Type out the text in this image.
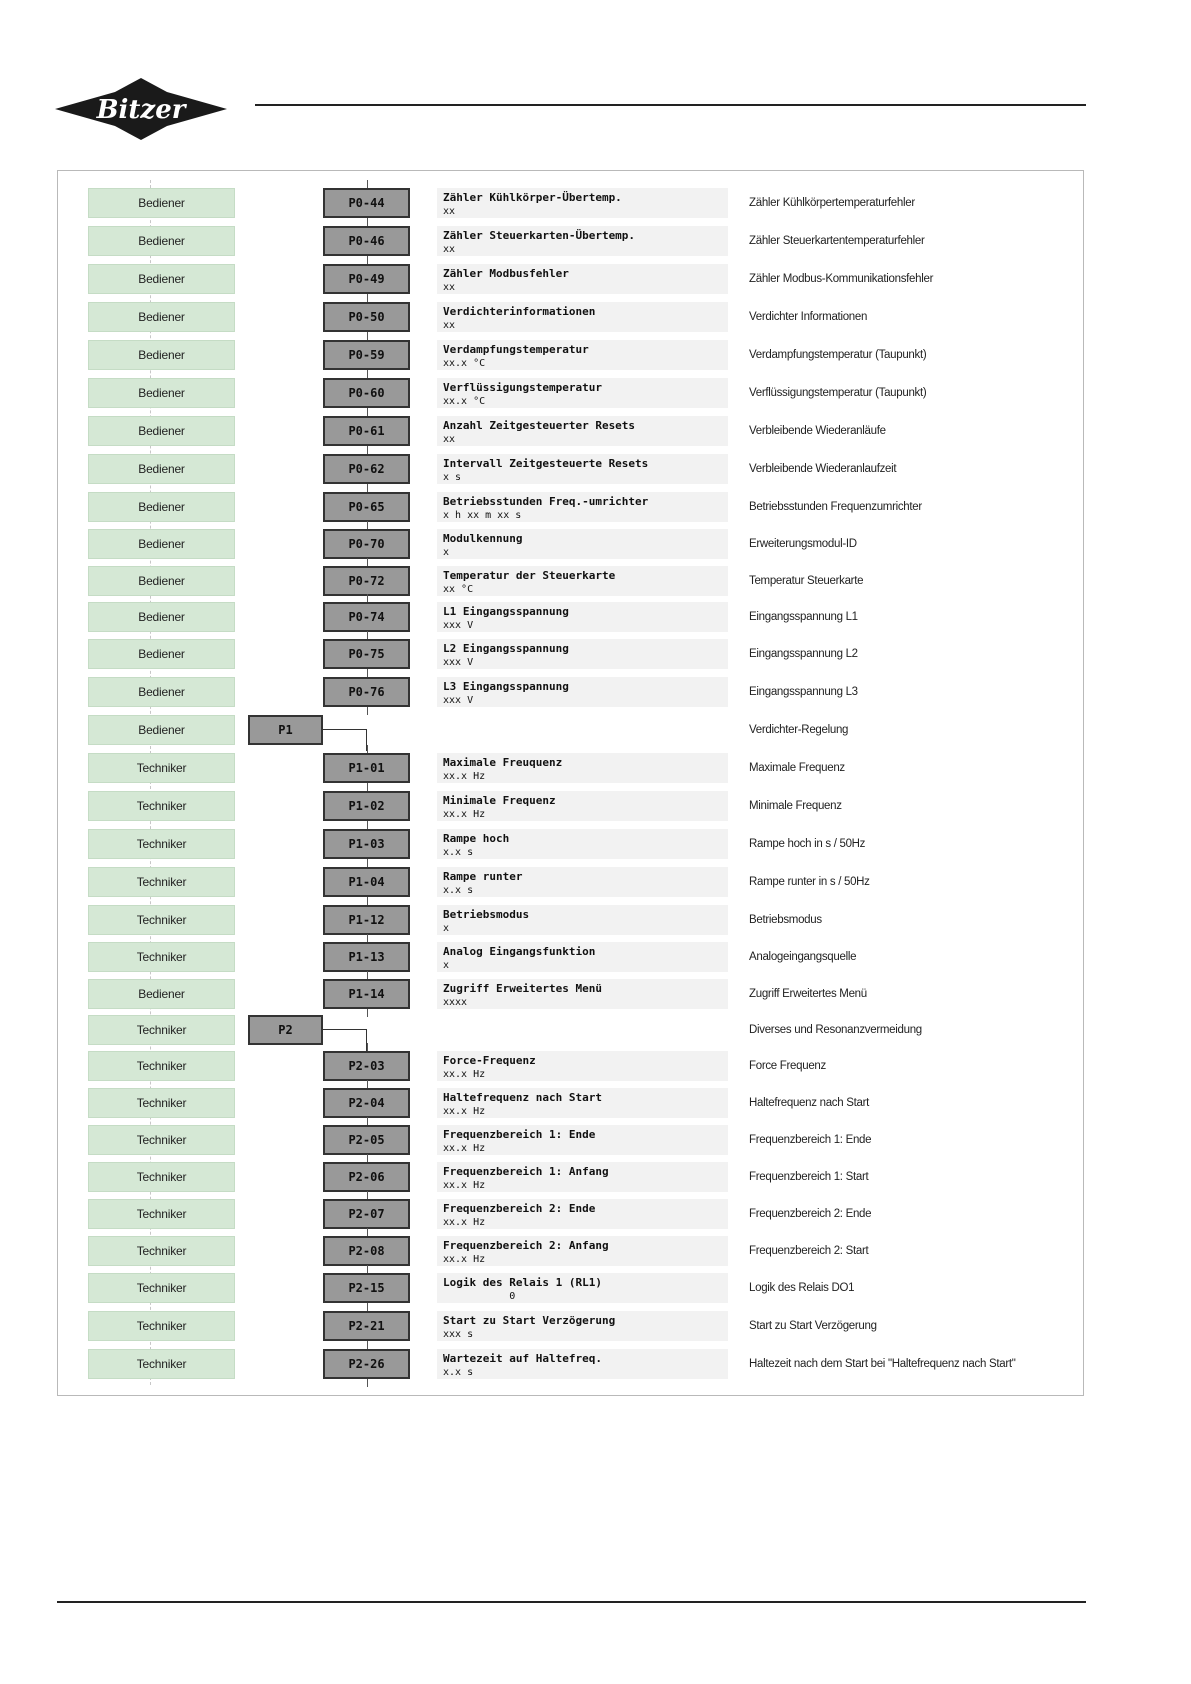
Bitzer
Bediener	P0-44	Zähler Kühlkörper-Übertemp.
xx
Zähler Kühlkörpertemperaturfehler
Bediener	P0-46	Zähler Steuerkarten-Übertemp.
xx
Zähler Steuerkartentemperaturfehler
Bediener	P0-49	Zähler Modbusfehler
xx
Zähler Modbus-Kommunikationsfehler
Bediener	P0-50	Verdichterinformationen
xx
Verdichter Informationen
Bediener	P0-59	Verdampfungstemperatur
xx.x °C
Verdampfungstemperatur (Taupunkt)
Bediener	P0-60	Verflüssigungstemperatur
xx.x °C
Verflüssigungstemperatur (Taupunkt)
Bediener	P0-61	Anzahl Zeitgesteuerter Resets
xx
Verbleibende Wiederanläufe
Bediener	P0-62	Intervall Zeitgesteuerte Resets
x s
Verbleibende Wiederanlaufzeit
Bediener	P0-65	Betriebsstunden Freq.-umrichter
x h xx m xx s
Betriebsstunden Frequenzumrichter
Bediener	P0-70	Modulkennung
x
Erweiterungsmodul-ID
Bediener	P0-72	Temperatur der Steuerkarte
xx °C
Temperatur Steuerkarte
Bediener	P0-74	L1 Eingangsspannung
xxx V
Eingangsspannung L1
Bediener	P0-75	L2 Eingangsspannung
xxx V
Eingangsspannung L2
Bediener	P0-76	L3 Eingangsspannung
xxx V
Eingangsspannung L3
Bediener	P1	Verdichter-Regelung
Techniker	P1-01	Maximale Freuquenz
xx.x Hz
Maximale Frequenz
Techniker	P1-02	Minimale Frequenz
xx.x Hz
Minimale Frequenz
Techniker	P1-03	Rampe hoch
x.x s
Rampe hoch in s / 50Hz
Techniker	P1-04	Rampe runter
x.x s
Rampe runter in s / 50Hz
Techniker	P1-12	Betriebsmodus
x
Betriebsmodus
Techniker	P1-13	Analog Eingangsfunktion
x
Analogeingangsquelle
Bediener	P1-14	Zugriff Erweitertes Menü
xxxx
Zugriff Erweitertes Menü
Techniker	P2	Diverses und Resonanzvermeidung
Techniker	P2-03	Force-Frequenz
xx.x Hz
Force Frequenz
Techniker	P2-04	Haltefrequenz nach Start
xx.x Hz
Haltefrequenz nach Start
Techniker	P2-05	Frequenzbereich 1: Ende
xx.x Hz
Frequenzbereich 1: Ende
Techniker	P2-06	Frequenzbereich 1: Anfang
xx.x Hz
Frequenzbereich 1: Start
Techniker	P2-07	Frequenzbereich 2: Ende
xx.x Hz
Frequenzbereich 2: Ende
Techniker	P2-08	Frequenzbereich 2: Anfang
xx.x Hz
Frequenzbereich 2: Start
Techniker	P2-15	Logik des Relais 1 (RL1)
0
Logik des Relais DO1
Techniker	P2-21	Start zu Start Verzögerung
xxx s
Start zu Start Verzögerung
Techniker	P2-26	Wartezeit auf Haltefreq.
x.x s
Haltezeit nach dem Start bei "Haltefrequenz nach Start"
